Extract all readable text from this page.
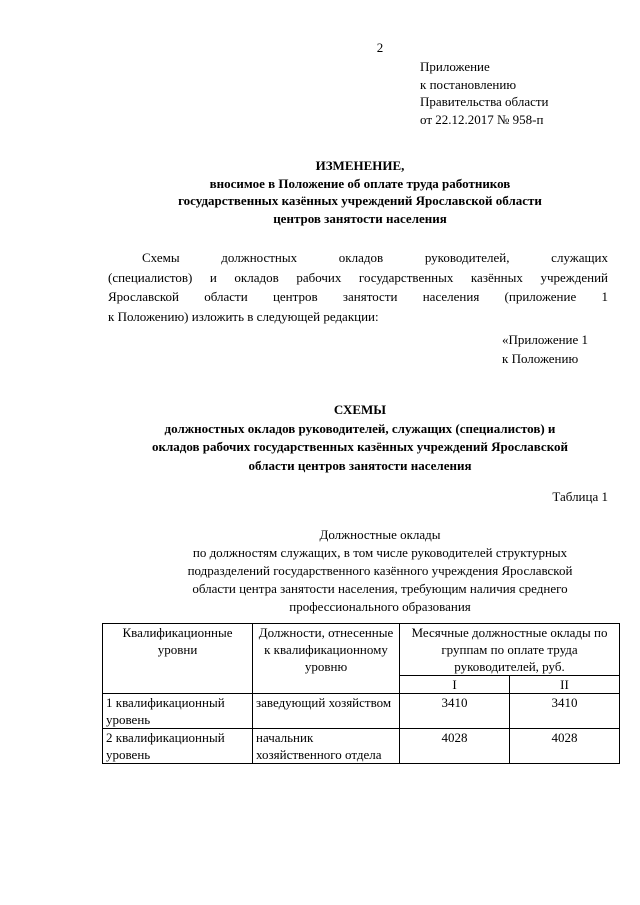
2
Приложение
к постановлению
Правительства области
от 22.12.2017 № 958-п
ИЗМЕНЕНИЕ,
вносимое в Положение об оплате труда работников
государственных казённых учреждений Ярославской области
центров занятости населения
Схемы должностных окладов руководителей, служащих
(специалистов) и окладов рабочих государственных казённых учреждений
Ярославской области центров занятости населения (приложение 1
к Положению) изложить в следующей редакции:
«Приложение 1
к Положению
СХЕМЫ
должностных окладов руководителей, служащих (специалистов) и
окладов рабочих государственных казённых учреждений Ярославской
области центров занятости населения
Таблица 1
Должностные оклады
по должностям служащих, в том числе руководителей структурных
подразделений государственного казённого учреждения Ярославской
области центра занятости населения, требующим наличия среднего
профессионального образования
Квалификационные уровни	Должности, отнесенные к квалификационному уровню	Месячные должностные оклады по группам по оплате труда руководителей, руб.	
		I	II
1 квалификационный уровень	заведующий хозяйством	3410	3410
2 квалификационный уровень	начальник хозяйственного отдела	4028	4028
